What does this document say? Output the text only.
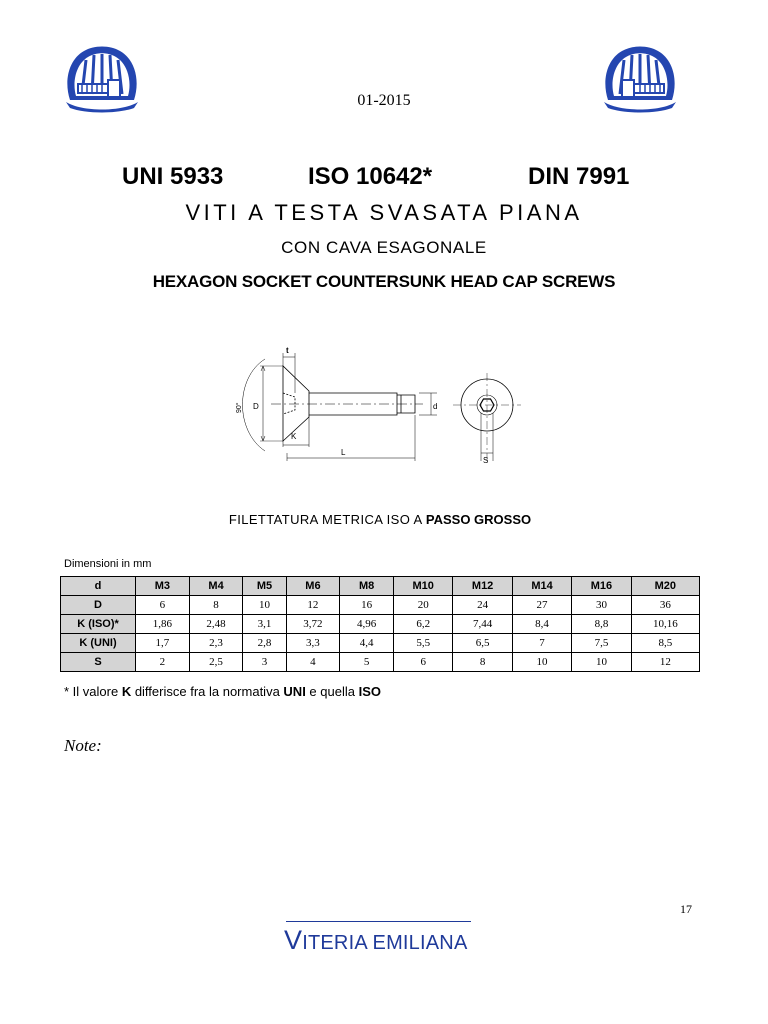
01-2015
UNI 5933	ISO 10642*	DIN 7991
VITI A TESTA SVASATA PIANA
CON CAVA ESAGONALE
HEXAGON SOCKET COUNTERSUNK HEAD CAP SCREWS
t
D
90°
K
L
d
S
FILETTATURA METRICA ISO A PASSO GROSSO
Dimensioni in mm
d	M3	M4	M5	M6	M8	M10	M12	M14	M16	M20
D	6	8	10	12	16	20	24	27	30	36
K (ISO)*	1,86	2,48	3,1	3,72	4,96	6,2	7,44	8,4	8,8	10,16
K (UNI)	1,7	2,3	2,8	3,3	4,4	5,5	6,5	7	7,5	8,5
S	2	2,5	3	4	5	6	8	10	10	12
* Il valore K differisce fra la normativa UNI e quella ISO
Note:
17
VITERIA EMILIANA
